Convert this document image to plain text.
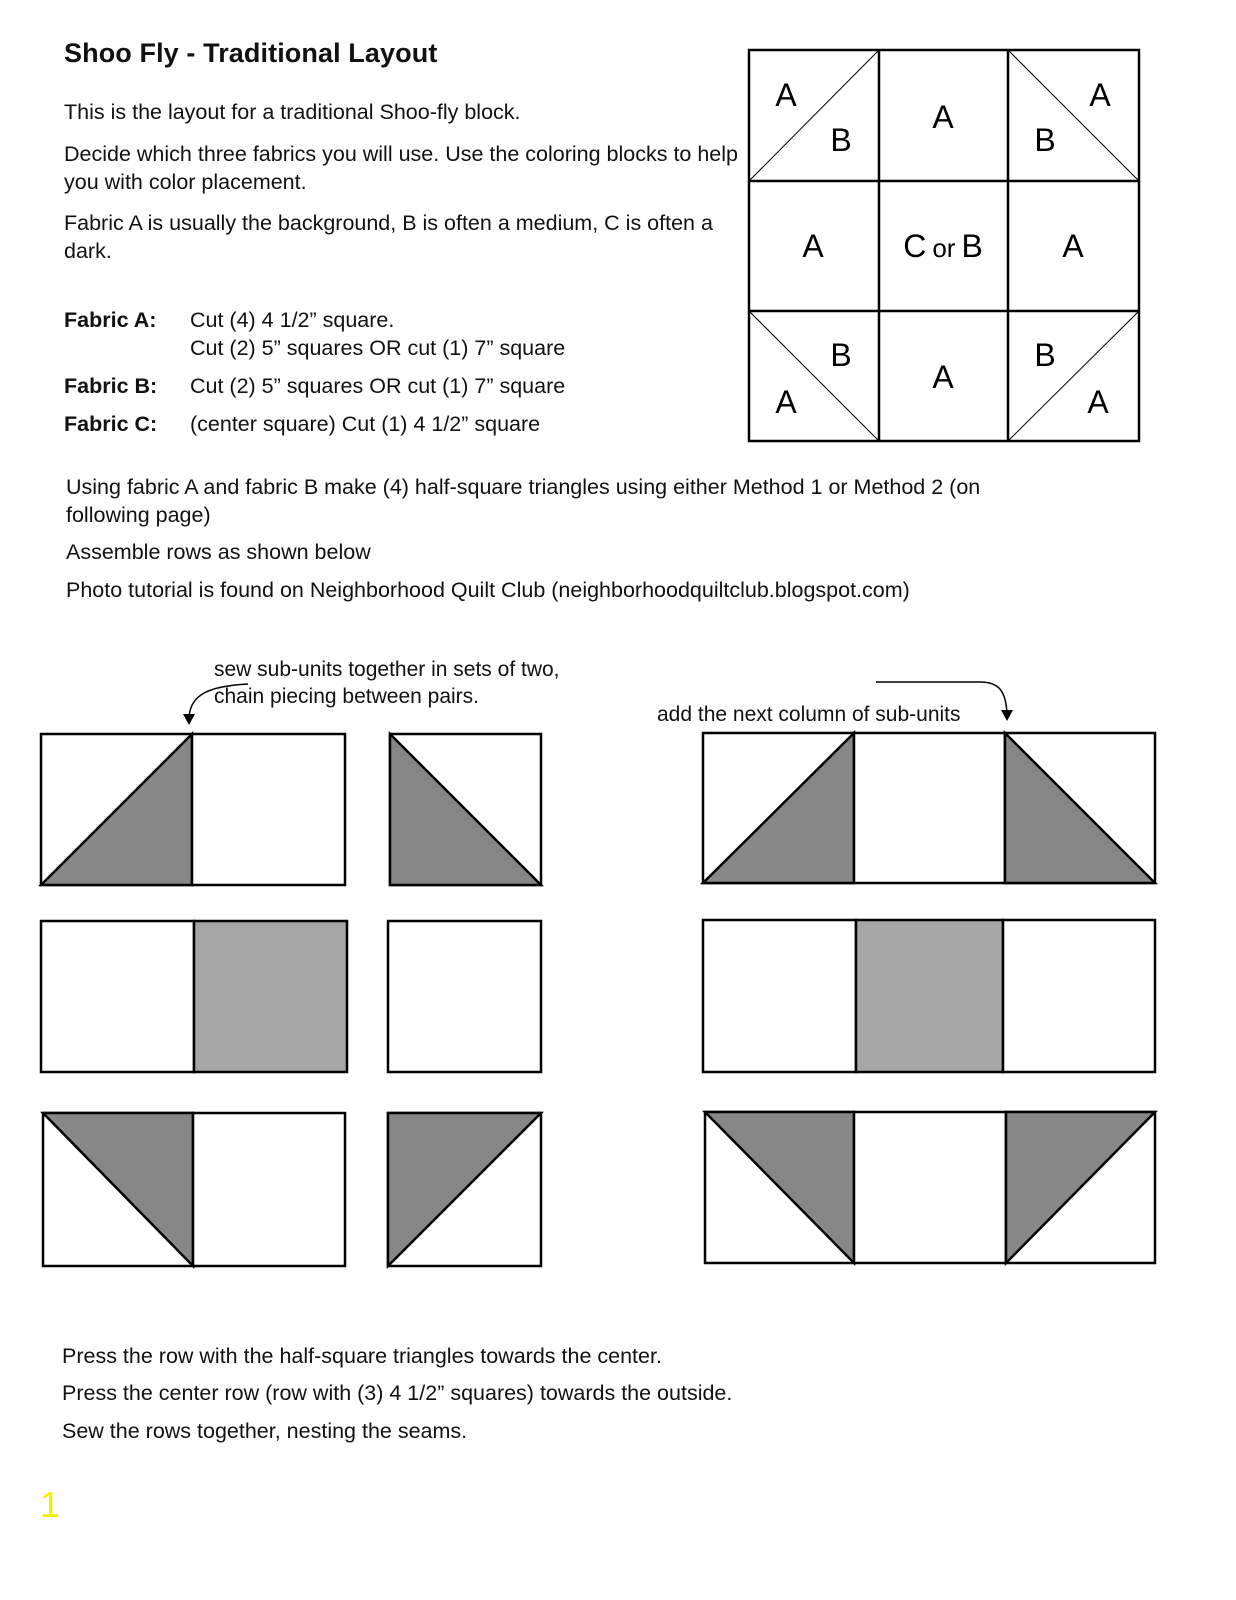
Shoo Fly - Traditional Layout
This is the layout for a traditional Shoo-fly block.
Decide which three fabrics you will use. Use the coloring blocks to help you with color placement.
Fabric A is usually the background, B is often a medium, C is often a dark.
Fabric A: Cut (4) 4 1/2” square.
Cut (2) 5” squares OR cut (1) 7” square
Fabric B: Cut (2) 5” squares OR cut (1) 7” square
Fabric C: (center square) Cut (1) 4 1/2” square
A
B
A
A
B
A C or B A
B
A
A
B
A
sew sub-units together in sets of two,
chain piecing between pairs.
add the next column of sub-units
Using fabric A and fabric B make (4) half-square triangles using either Method 1 or Method 2 (on following page)
Assemble rows as shown below
Photo tutorial is found on Neighborhood Quilt Club (neighborhoodquiltclub.blogspot.com)
Press the row with the half-square triangles towards the center.
Press the center row (row with (3) 4 1/2” squares) towards the outside.
Sew the rows together, nesting the seams.
1
